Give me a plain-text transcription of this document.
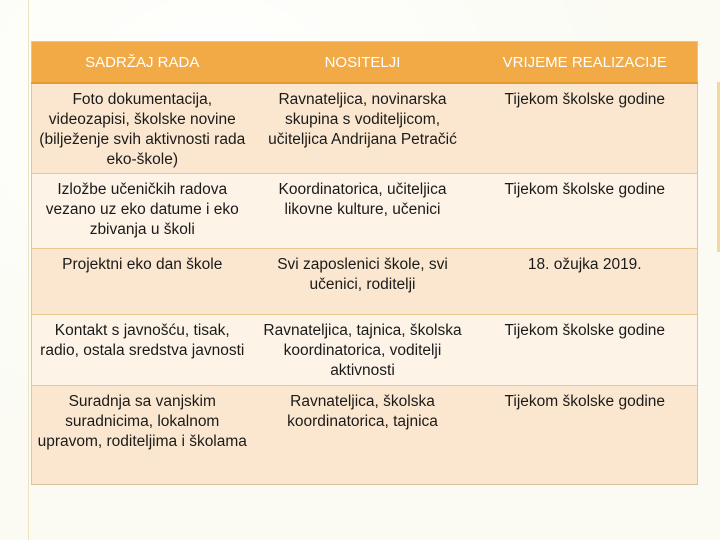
SADRŽAJ RADA	NOSITELJI	VRIJEME REALIZACIJE
Foto dokumentacija, videozapisi, školske novine (bilježenje svih aktivnosti rada eko-škole)	Ravnateljica, novinarska skupina s voditeljicom, učiteljica Andrijana Petračić	Tijekom školske godine
Izložbe učeničkih radova vezano uz eko datume i eko zbivanja u školi	Koordinatorica, učiteljica likovne kulture, učenici	Tijekom školske godine
Projektni eko dan škole	Svi zaposlenici škole, svi učenici, roditelji	18. ožujka 2019.
Kontakt s javnošću, tisak, radio, ostala sredstva javnosti	Ravnateljica, tajnica, školska koordinatorica, voditelji aktivnosti	Tijekom školske godine
Suradnja sa vanjskim suradnicima, lokalnom upravom, roditeljima i školama	Ravnateljica, školska koordinatorica, tajnica	Tijekom školske godine
